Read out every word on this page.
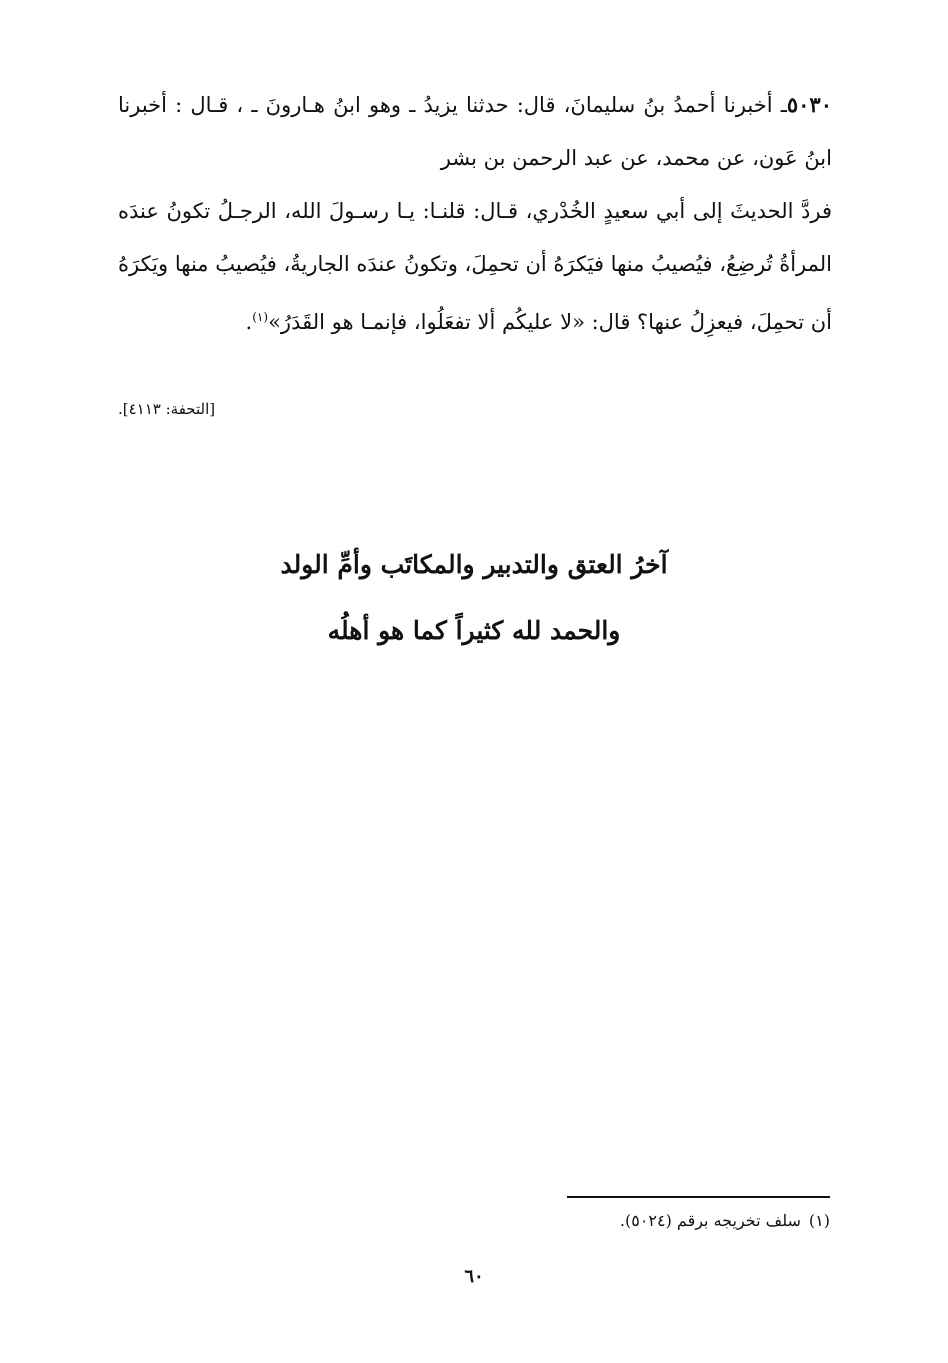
٥٠٣٠ـ أخبرنا أحمدُ بنُ سليمانَ، قال: حدثنا يزيدُ ـ وهو ابنُ هـارونَ ـ ، قـال : أخبرنا ابنُ عَون، عن محمد، عن عبد الرحمن بن بشر

فردَّ الحديثَ إلى أبي سعيدٍ الخُدْري، قـال: قلنـا: يـا رسـولَ الله، الرجـلُ تكونُ عندَه المرأةُ تُرضِعُ، فيُصيبُ منها فيَكرَهُ أن تحمِلَ، وتكونُ عندَه الجاريةُ، فيُصيبُ منها ويَكرَهُ أن تحمِلَ، فيعزِلُ عنها؟ قال: «لا عليكُم ألا تفعَلُوا، فإنمـا هو القَدَرُ»$^{(١)}$.

[التحفة: ٤١١٣].
آخرُ العتق والتدبير والمكاتَب وأمِّ الولد
والحمد لله كثيراً كما هو أهلُه
(١)سلف تخريجه برقم (٥٠٢٤).
٦٠
